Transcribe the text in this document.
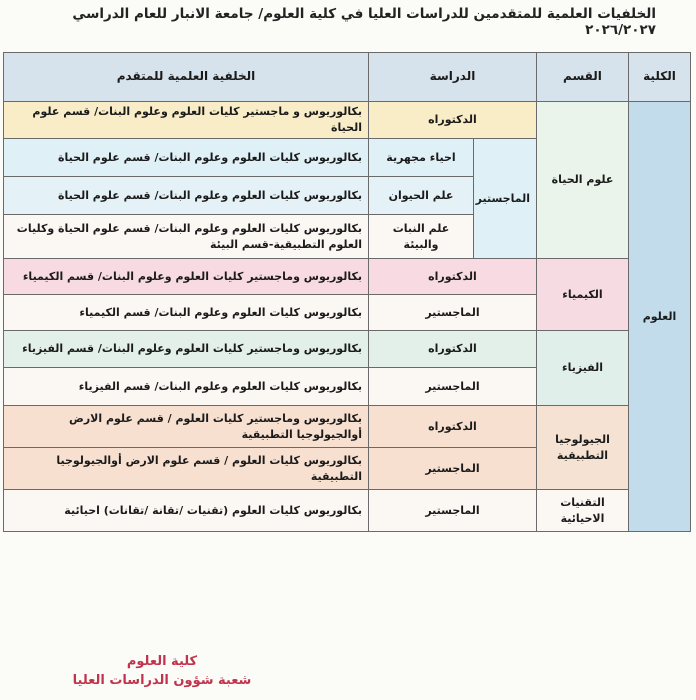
الخلفيات العلمية للمتقدمين للدراسات العليا في كلية العلوم/ جامعة الانبار للعام الدراسي ٢٠٢٦/٢٠٢٧
الكلية	القسم	الدراسة		الخلفية العلمية للمتقدم
العلوم	علوم الحياة	الدكتوراه		بكالوريوس و ماجستير كليات العلوم وعلوم البنات/ قسم علوم الحياة
		الماجستير	احياء مجهرية	بكالوريوس كليات العلوم وعلوم البنات/ قسم علوم الحياة
			علم الحيوان	بكالوريوس كليات العلوم وعلوم البنات/ قسم علوم الحياة
			علم النبات والبيئة	بكالوريوس كليات العلوم وعلوم البنات/ قسم علوم الحياة وكليات العلوم التطبيقية-قسم البيئة
	الكيمياء	الدكتوراه		بكالوريوس وماجستير كليات العلوم وعلوم البنات/ قسم الكيمياء
		الماجستير		بكالوريوس كليات العلوم وعلوم البنات/ قسم الكيمياء
	الفيزياء	الدكتوراه		بكالوريوس وماجستير كليات العلوم وعلوم البنات/ قسم الفيزياء
		الماجستير		بكالوريوس كليات العلوم وعلوم البنات/ قسم الفيزياء
	الجيولوجيا التطبيقية	الدكتوراه		بكالوريوس وماجستير كليات العلوم / قسم علوم الارض أوالجيولوجيا التطبيقية
		الماجستير		بكالوريوس كليات العلوم / قسم علوم الارض أوالجيولوجيا التطبيقية
	التقنيات الاحيائية	الماجستير		بكالوريوس كليات العلوم (تقنيات /تقانة /تقانات) احيائية
كلية العلوم
شعبة شؤون الدراسات العليا
